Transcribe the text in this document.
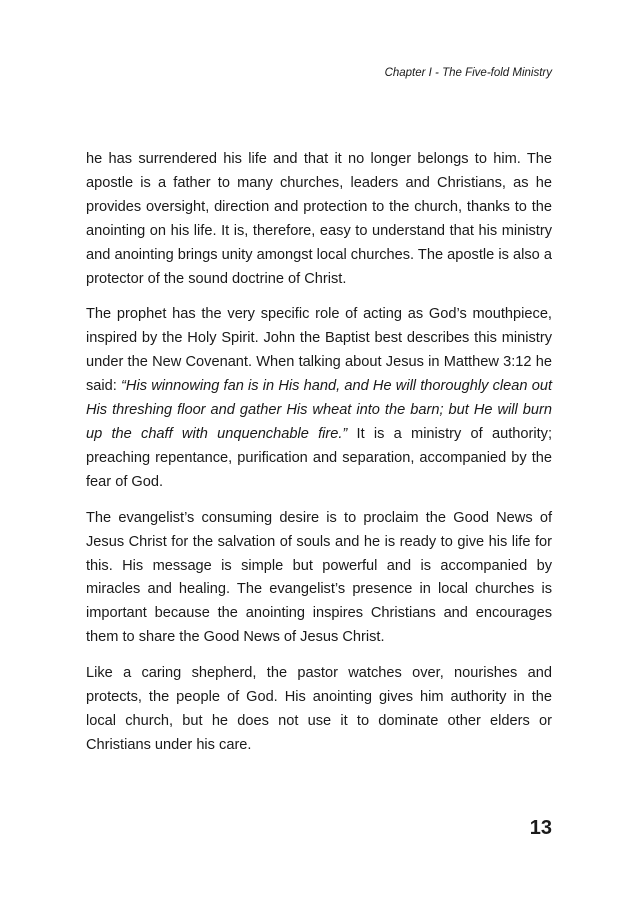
Chapter I - The Five-fold Ministry

he has surrendered his life and that it no longer belongs to him. The apostle is a father to many churches, leaders and Christians, as he provides oversight, direction and protection to the church, thanks to the anointing on his life. It is, therefore, easy to understand that his ministry and anointing brings unity amongst local churches. The apostle is also a protector of the sound doctrine of Christ.

The prophet has the very specific role of acting as God’s mouthpiece, inspired by the Holy Spirit. John the Baptist best describes this ministry under the New Covenant. When talking about Jesus in Matthew 3:12 he said: “His winnowing fan is in His hand, and He will thoroughly clean out His threshing floor and gather His wheat into the barn; but He will burn up the chaff with unquenchable fire.” It is a ministry of authority; preaching repentance, purification and separation, accompanied by the fear of God.

The evangelist’s consuming desire is to proclaim the Good News of Jesus Christ for the salvation of souls and he is ready to give his life for this. His message is simple but powerful and is accompanied by miracles and healing. The evangelist’s presence in local churches is important because the anointing inspires Christians and encourages them to share the Good News of Jesus Christ.

Like a caring shepherd, the pastor watches over, nourishes and protects, the people of God. His anointing gives him authority in the local church, but he does not use it to dominate other elders or Christians under his care.

13
